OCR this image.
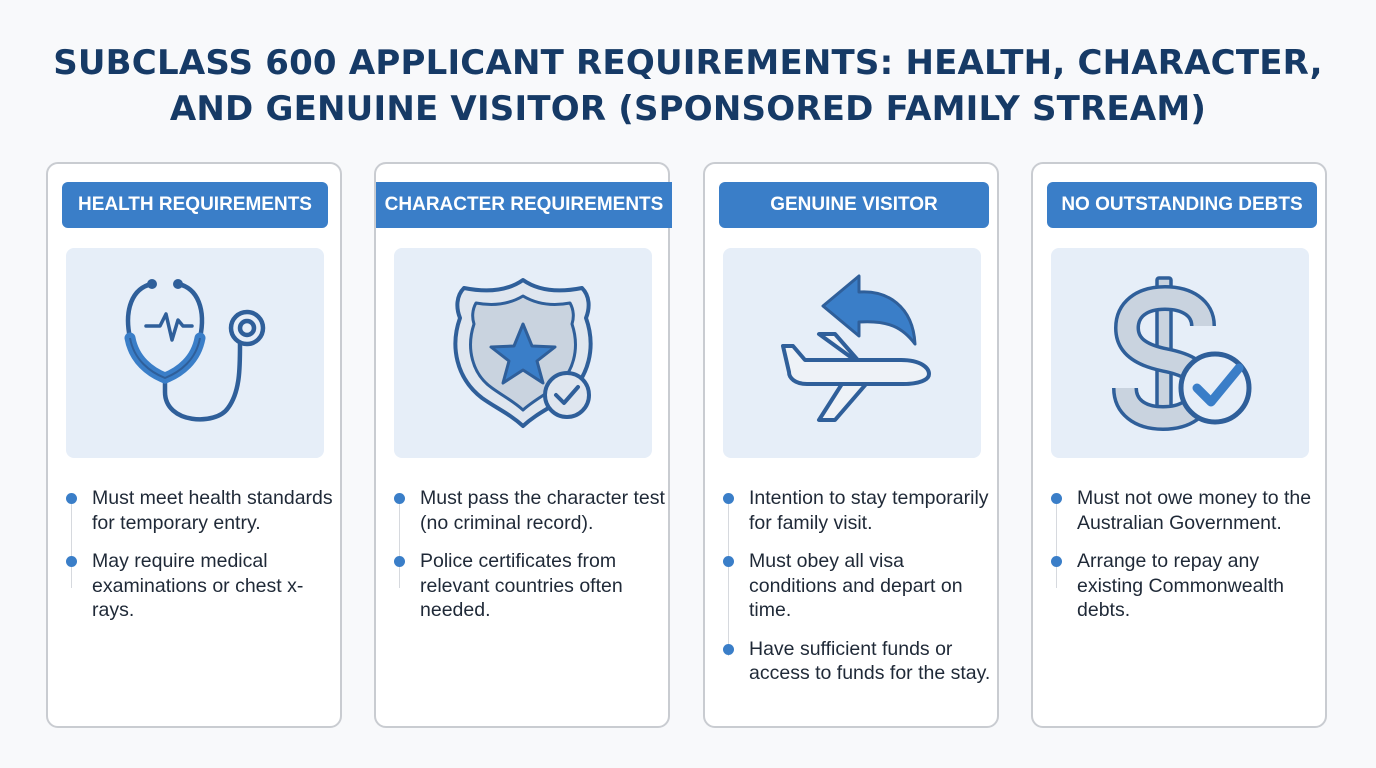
SUBCLASS 600 APPLICANT REQUIREMENTS: HEALTH, CHARACTER,
AND GENUINE VISITOR (SPONSORED FAMILY STREAM)
HEALTH REQUIREMENTS
Must meet health standards for temporary entry.
May require medical examinations or chest x-rays.
CHARACTER REQUIREMENTS
Must pass the character test (no criminal record).
Police certificates from relevant countries often needed.
GENUINE VISITOR
Intention to stay temporarily for family visit.
Must obey all visa conditions and depart on time.
Have sufficient funds or access to funds for the stay.
NO OUTSTANDING DEBTS
Must not owe money to the Australian Government.
Arrange to repay any existing Commonwealth debts.
